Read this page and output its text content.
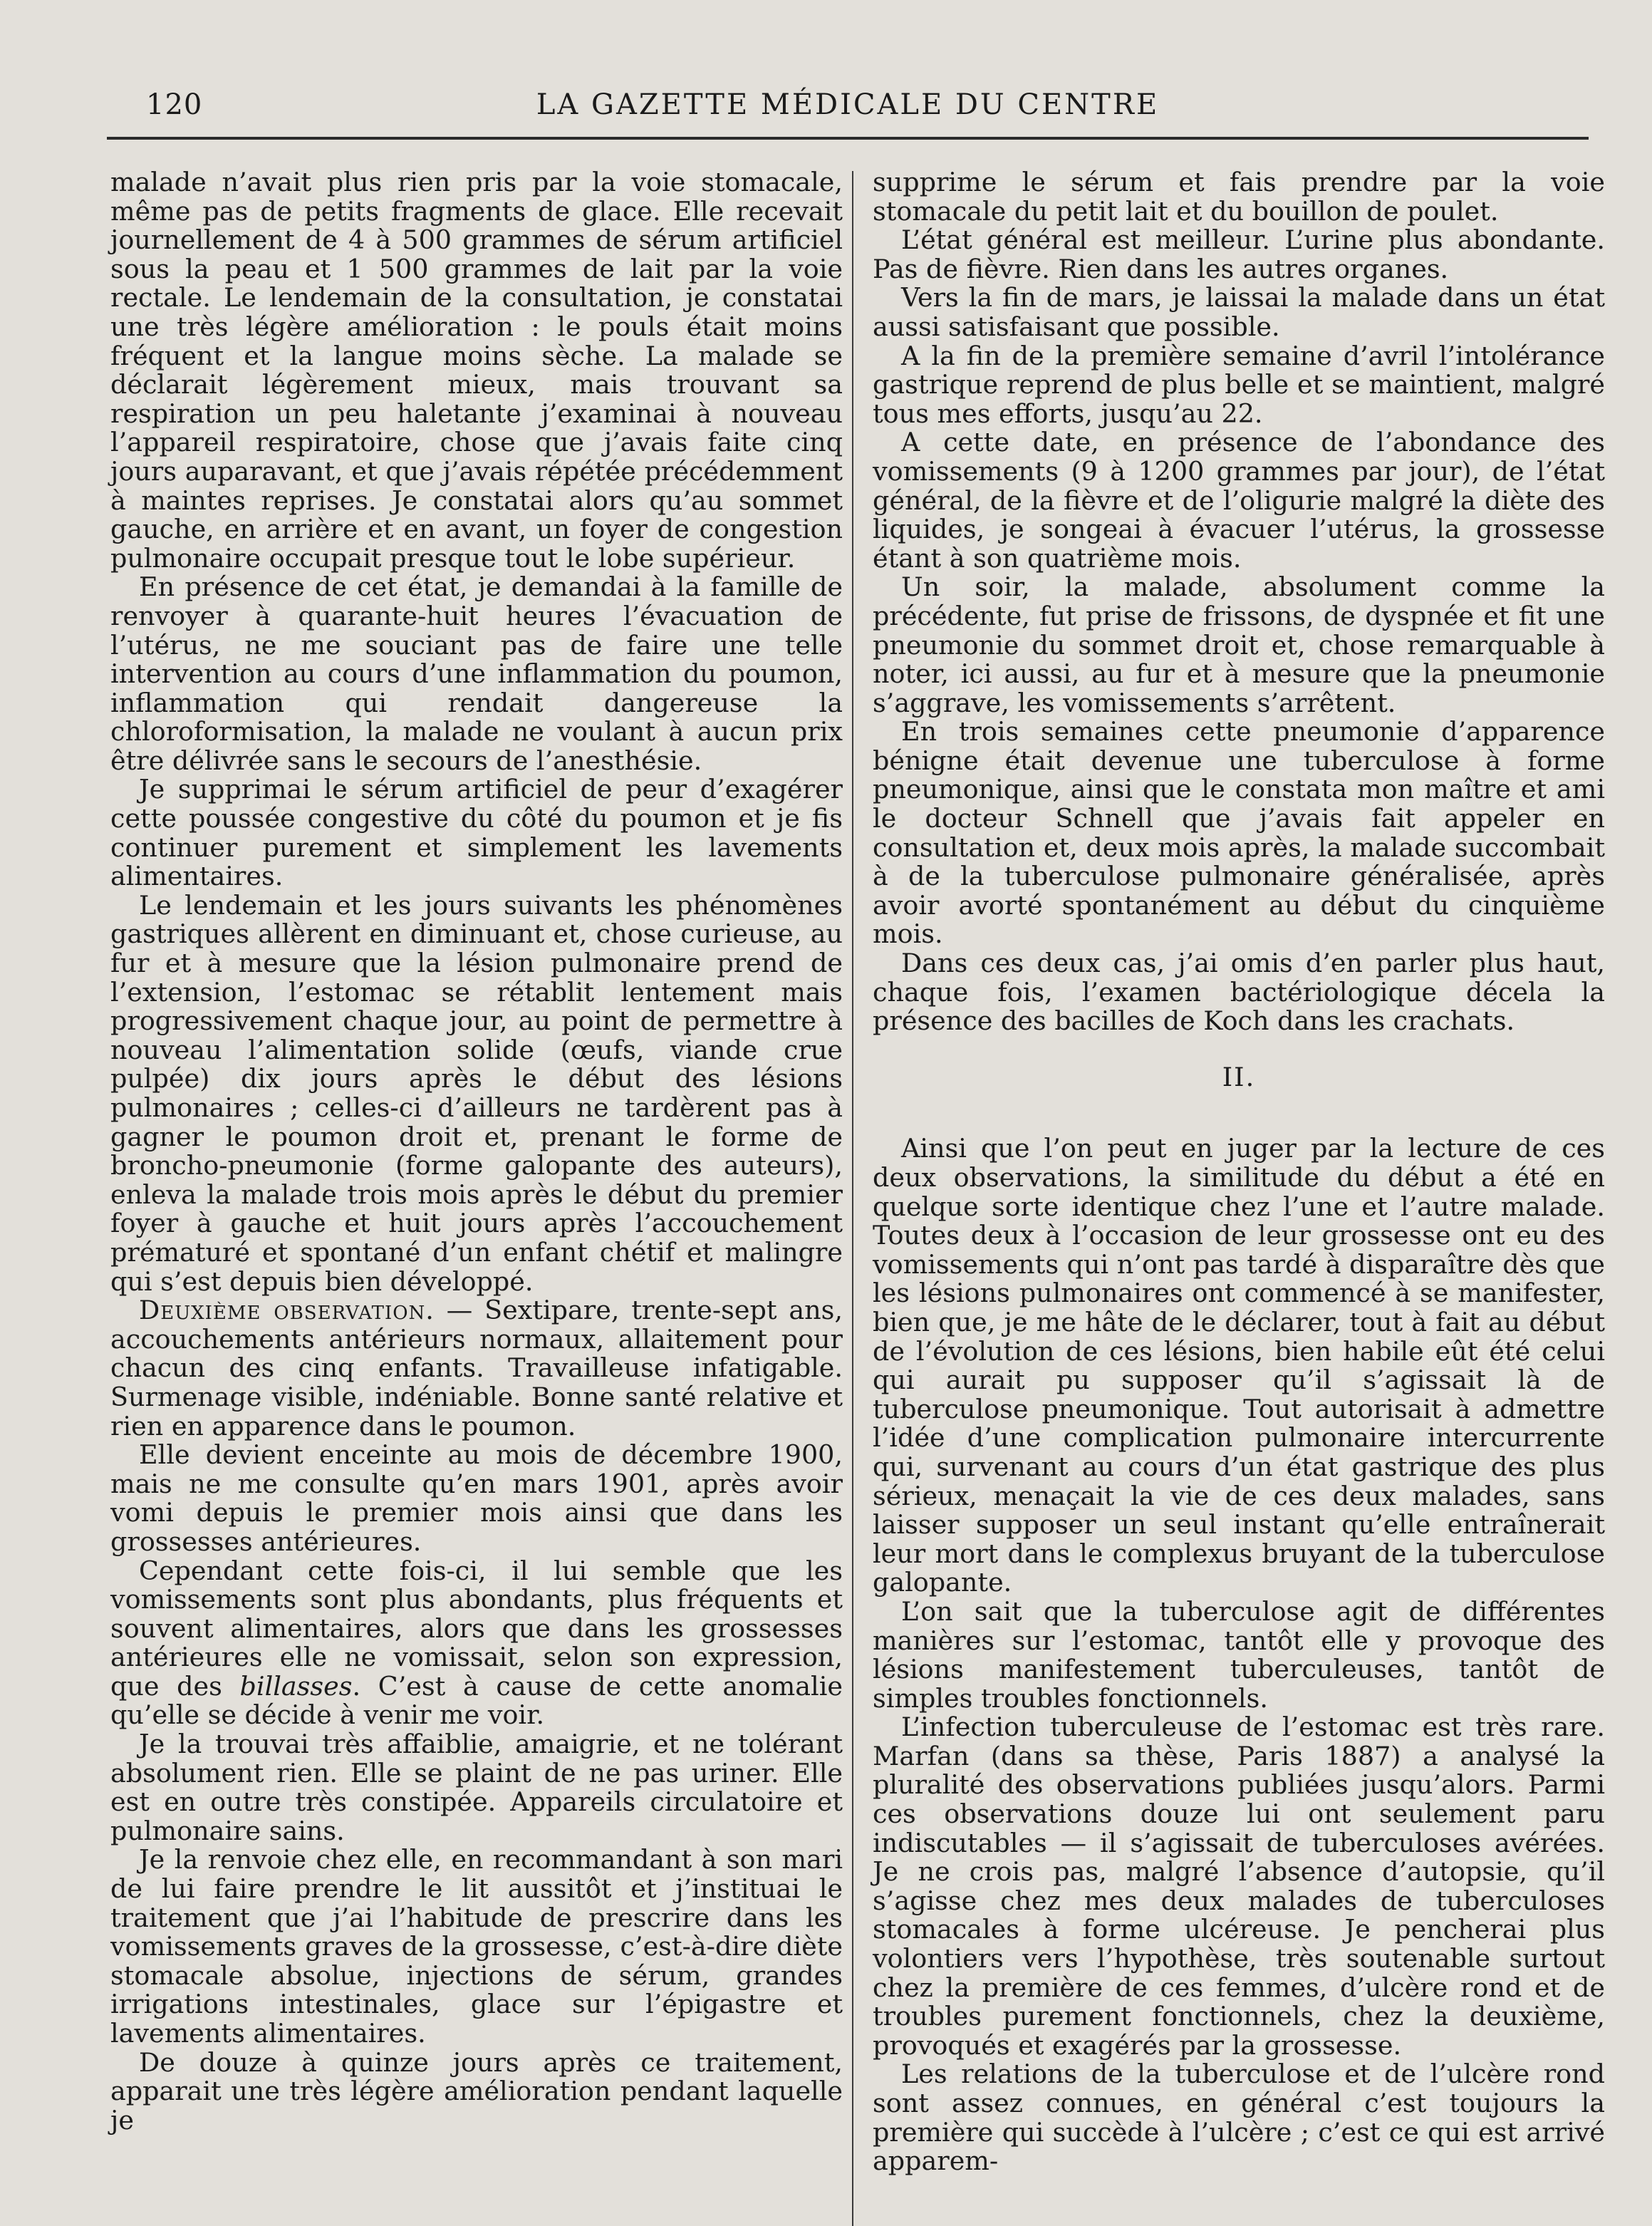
120	LA GAZETTE MÉDICALE DU CENTRE

malade n’avait plus rien pris par la voie stomacale, même pas de petits fragments de glace. Elle recevait journellement de 4 à 500 grammes de sérum artificiel sous la peau et 1 500 grammes de lait par la voie rectale. Le lendemain de la consultation, je constatai une très légère amélioration : le pouls était moins fréquent et la langue moins sèche. La malade se déclarait légèrement mieux, mais trouvant sa respiration un peu haletante j’examinai à nouveau l’appareil respiratoire, chose que j’avais faite cinq jours auparavant, et que j’avais répétée précédemment à maintes reprises. Je constatai alors qu’au sommet gauche, en arrière et en avant, un foyer de congestion pulmonaire occupait presque tout le lobe supérieur.

En présence de cet état, je demandai à la famille de renvoyer à quarante-huit heures l’évacuation de l’utérus, ne me souciant pas de faire une telle intervention au cours d’une inflammation du poumon, inflammation qui rendait dangereuse la chloroformisation, la malade ne voulant à aucun prix être délivrée sans le secours de l’anesthésie.

Je supprimai le sérum artificiel de peur d’exagérer cette poussée congestive du côté du poumon et je fis continuer purement et simplement les lavements alimentaires.

Le lendemain et les jours suivants les phénomènes gastriques allèrent en diminuant et, chose curieuse, au fur et à mesure que la lésion pulmonaire prend de l’extension, l’estomac se rétablit lentement mais progressivement chaque jour, au point de permettre à nouveau l’alimentation solide (œufs, viande crue pulpée) dix jours après le début des lésions pulmonaires ; celles-ci d’ailleurs ne tardèrent pas à gagner le poumon droit et, prenant le forme de broncho-pneumonie (forme galopante des auteurs), enleva la malade trois mois après le début du premier foyer à gauche et huit jours après l’accouchement prématuré et spontané d’un enfant chétif et malingre qui s’est depuis bien développé.

Deuxième observation. — Sextipare, trente-sept ans, accouchements antérieurs normaux, allaitement pour chacun des cinq enfants. Travailleuse infatigable. Surmenage visible, indéniable. Bonne santé relative et rien en apparence dans le poumon.

Elle devient enceinte au mois de décembre 1900, mais ne me consulte qu’en mars 1901, après avoir vomi depuis le premier mois ainsi que dans les grossesses antérieures.

Cependant cette fois-ci, il lui semble que les vomissements sont plus abondants, plus fréquents et souvent alimentaires, alors que dans les grossesses antérieures elle ne vomissait, selon son expression, que des billasses. C’est à cause de cette anomalie qu’elle se décide à venir me voir.

Je la trouvai très affaiblie, amaigrie, et ne tolérant absolument rien. Elle se plaint de ne pas uriner. Elle est en outre très constipée. Appareils circulatoire et pulmonaire sains.

Je la renvoie chez elle, en recommandant à son mari de lui faire prendre le lit aussitôt et j’instituai le traitement que j’ai l’habitude de prescrire dans les vomissements graves de la grossesse, c’est-à-dire diète stomacale absolue, injections de sérum, grandes irrigations intestinales, glace sur l’épigastre et lavements alimentaires.

De douze à quinze jours après ce traitement, apparait une très légère amélioration pendant laquelle je

supprime le sérum et fais prendre par la voie stomacale du petit lait et du bouillon de poulet.

L’état général est meilleur. L’urine plus abondante. Pas de fièvre. Rien dans les autres organes.

Vers la fin de mars, je laissai la malade dans un état aussi satisfaisant que possible.

A la fin de la première semaine d’avril l’intolérance gastrique reprend de plus belle et se maintient, malgré tous mes efforts, jusqu’au 22.

A cette date, en présence de l’abondance des vomissements (9 à 1200 grammes par jour), de l’état général, de la fièvre et de l’oligurie malgré la diète des liquides, je songeai à évacuer l’utérus, la grossesse étant à son quatrième mois.

Un soir, la malade, absolument comme la précédente, fut prise de frissons, de dyspnée et fit une pneumonie du sommet droit et, chose remarquable à noter, ici aussi, au fur et à mesure que la pneumonie s’aggrave, les vomissements s’arrêtent.

En trois semaines cette pneumonie d’apparence bénigne était devenue une tuberculose à forme pneumonique, ainsi que le constata mon maître et ami le docteur Schnell que j’avais fait appeler en consultation et, deux mois après, la malade succombait à de la tuberculose pulmonaire généralisée, après avoir avorté spontanément au début du cinquième mois.

Dans ces deux cas, j’ai omis d’en parler plus haut, chaque fois, l’examen bactériologique décela la présence des bacilles de Koch dans les crachats.

II.

Ainsi que l’on peut en juger par la lecture de ces deux observations, la similitude du début a été en quelque sorte identique chez l’une et l’autre malade. Toutes deux à l’occasion de leur grossesse ont eu des vomissements qui n’ont pas tardé à disparaître dès que les lésions pulmonaires ont commencé à se manifester, bien que, je me hâte de le déclarer, tout à fait au début de l’évolution de ces lésions, bien habile eût été celui qui aurait pu supposer qu’il s’agissait là de tuberculose pneumonique. Tout autorisait à admettre l’idée d’une complication pulmonaire intercurrente qui, survenant au cours d’un état gastrique des plus sérieux, menaçait la vie de ces deux malades, sans laisser supposer un seul instant qu’elle entraînerait leur mort dans le complexus bruyant de la tuberculose galopante.

L’on sait que la tuberculose agit de différentes manières sur l’estomac, tantôt elle y provoque des lésions manifestement tuberculeuses, tantôt de simples troubles fonctionnels.

L’infection tuberculeuse de l’estomac est très rare. Marfan (dans sa thèse, Paris 1887) a analysé la pluralité des observations publiées jusqu’alors. Parmi ces observations douze lui ont seulement paru indiscutables — il s’agissait de tuberculoses avérées. Je ne crois pas, malgré l’absence d’autopsie, qu’il s’agisse chez mes deux malades de tuberculoses stomacales à forme ulcéreuse. Je pencherai plus volontiers vers l’hypothèse, très soutenable surtout chez la première de ces femmes, d’ulcère rond et de troubles purement fonctionnels, chez la deuxième, provoqués et exagérés par la grossesse.

Les relations de la tuberculose et de l’ulcère rond sont assez connues, en général c’est toujours la première qui succède à l’ulcère ; c’est ce qui est arrivé apparem-
